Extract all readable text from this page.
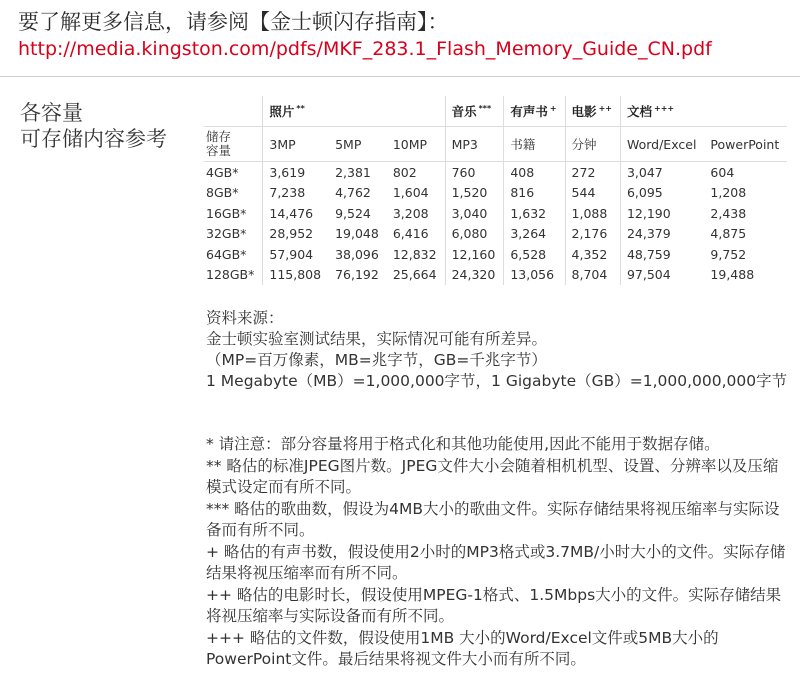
要了解更多信息，请参阅【金士顿闪存指南】：
http://media.kingston.com/pdfs/MKF_283.1_Flash_Memory_Guide_CN.pdf
各容量
可存储内容参考
	照片 **			音乐 ***	有声书 +	电影 ++	文档 +++
储存
容量	3MP	5MP	10MP	MP3	书籍	分钟	Word/Excel	PowerPoint
4GB*	3,619	2,381	802	760	408	272	3,047	604
8GB*	7,238	4,762	1,604	1,520	816	544	6,095	1,208
16GB*	14,476	9,524	3,208	3,040	1,632	1,088	12,190	2,438
32GB*	28,952	19,048	6,416	6,080	3,264	2,176	24,379	4,875
64GB*	57,904	38,096	12,832	12,160	6,528	4,352	48,759	9,752
128GB*	115,808	76,192	25,664	24,320	13,056	8,704	97,504	19,488

资料来源：

金士顿实验室测试结果，实际情况可能有所差异。

（MP=百万像素，MB=兆字节，GB=千兆字节）

1 Megabyte（MB）=1,000,000字节，1 Gigabyte（GB）=1,000,000,000字节

* 请注意：部分容量将用于格式化和其他功能使用,因此不能用于数据存储。

** 略估的标准JPEG图片数。JPEG文件大小会随着相机机型、设置、分辨率以及压缩模式设定而有所不同。

*** 略估的歌曲数，假设为4MB大小的歌曲文件。实际存储结果将视压缩率与实际设备而有所不同。

+ 略估的有声书数，假设使用2小时的MP3格式或3.7MB/小时大小的文件。实际存储结果将视压缩率而有所不同。

++ 略估的电影时长，假设使用MPEG-1格式、1.5Mbps大小的文件。实际存储结果将视压缩率与实际设备而有所不同。

+++ 略估的文件数，假设使用1MB 大小的Word/Excel文件或5MB大小的PowerPoint文件。最后结果将视文件大小而有所不同。
